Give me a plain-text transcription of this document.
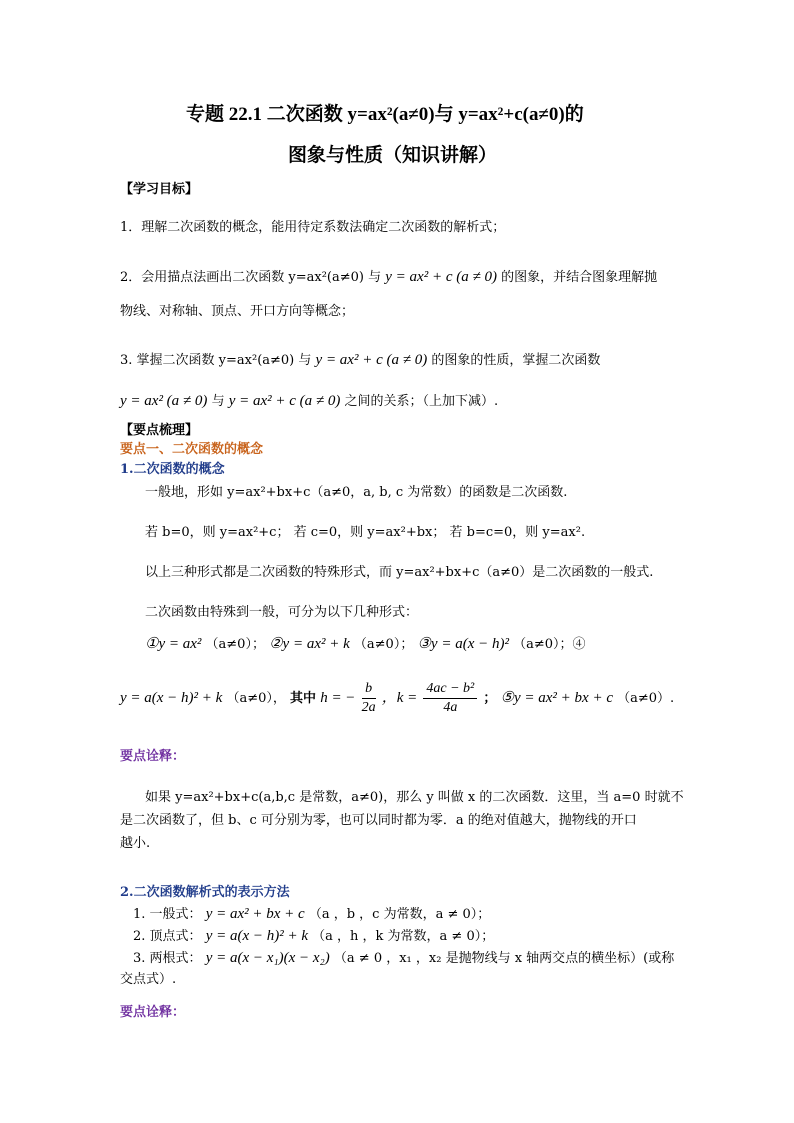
专题 22.1 二次函数 y=ax²(a≠0)与 y=ax²+c(a≠0)的
图象与性质（知识讲解）
【学习目标】
1．理解二次函数的概念，能用待定系数法确定二次函数的解析式；
2．会用描点法画出二次函数 y=ax²(a≠0) 与 y = ax² + c (a ≠ 0) 的图象，并结合图象理解抛
物线、对称轴、顶点、开口方向等概念；
3. 掌握二次函数 y=ax²(a≠0) 与 y = ax² + c (a ≠ 0) 的图象的性质，掌握二次函数
y = ax² (a ≠ 0) 与 y = ax² + c (a ≠ 0) 之间的关系；（上加下减）.
【要点梳理】
要点一、二次函数的概念
1.二次函数的概念
一般地，形如 y=ax²+bx+c（a≠0，a, b, c 为常数）的函数是二次函数.
若 b=0，则 y=ax²+c； 若 c=0，则 y=ax²+bx； 若 b=c=0，则 y=ax².
以上三种形式都是二次函数的特殊形式，而 y=ax²+bx+c（a≠0）是二次函数的一般式.
二次函数由特殊到一般，可分为以下几种形式：
①y = ax² （a≠0）； ②y = ax² + k （a≠0）； ③y = a(x − h)² （a≠0）；④
y = a(x − h)² + k （a≠0）， 其中 h = − $\frac{b}{2a}$ ，$k = \frac{\text{4ac − b²}}{4a}$ ； ⑤y = ax² + bx + c （a≠0）.
要点诠释：
如果 y=ax²+bx+c(a,b,c 是常数，a≠0)，那么 y 叫做 x 的二次函数．这里，当 a=0 时就不
是二次函数了，但 b、c 可分别为零，也可以同时都为零．a 的绝对值越大，抛物线的开口
越小.
2.二次函数解析式的表示方法
1. 一般式： y = ax² + bx + c （a ，b ，c 为常数，a ≠ 0）；
2. 顶点式： y = a(x − h)² + k （a ，h ，k 为常数，a ≠ 0）；
3. 两根式： y = a(x − x₁)(x − x₂) （a ≠ 0 ，x₁ ，x₂ 是抛物线与 x 轴两交点的横坐标）(或称
交点式）.
要点诠释：
